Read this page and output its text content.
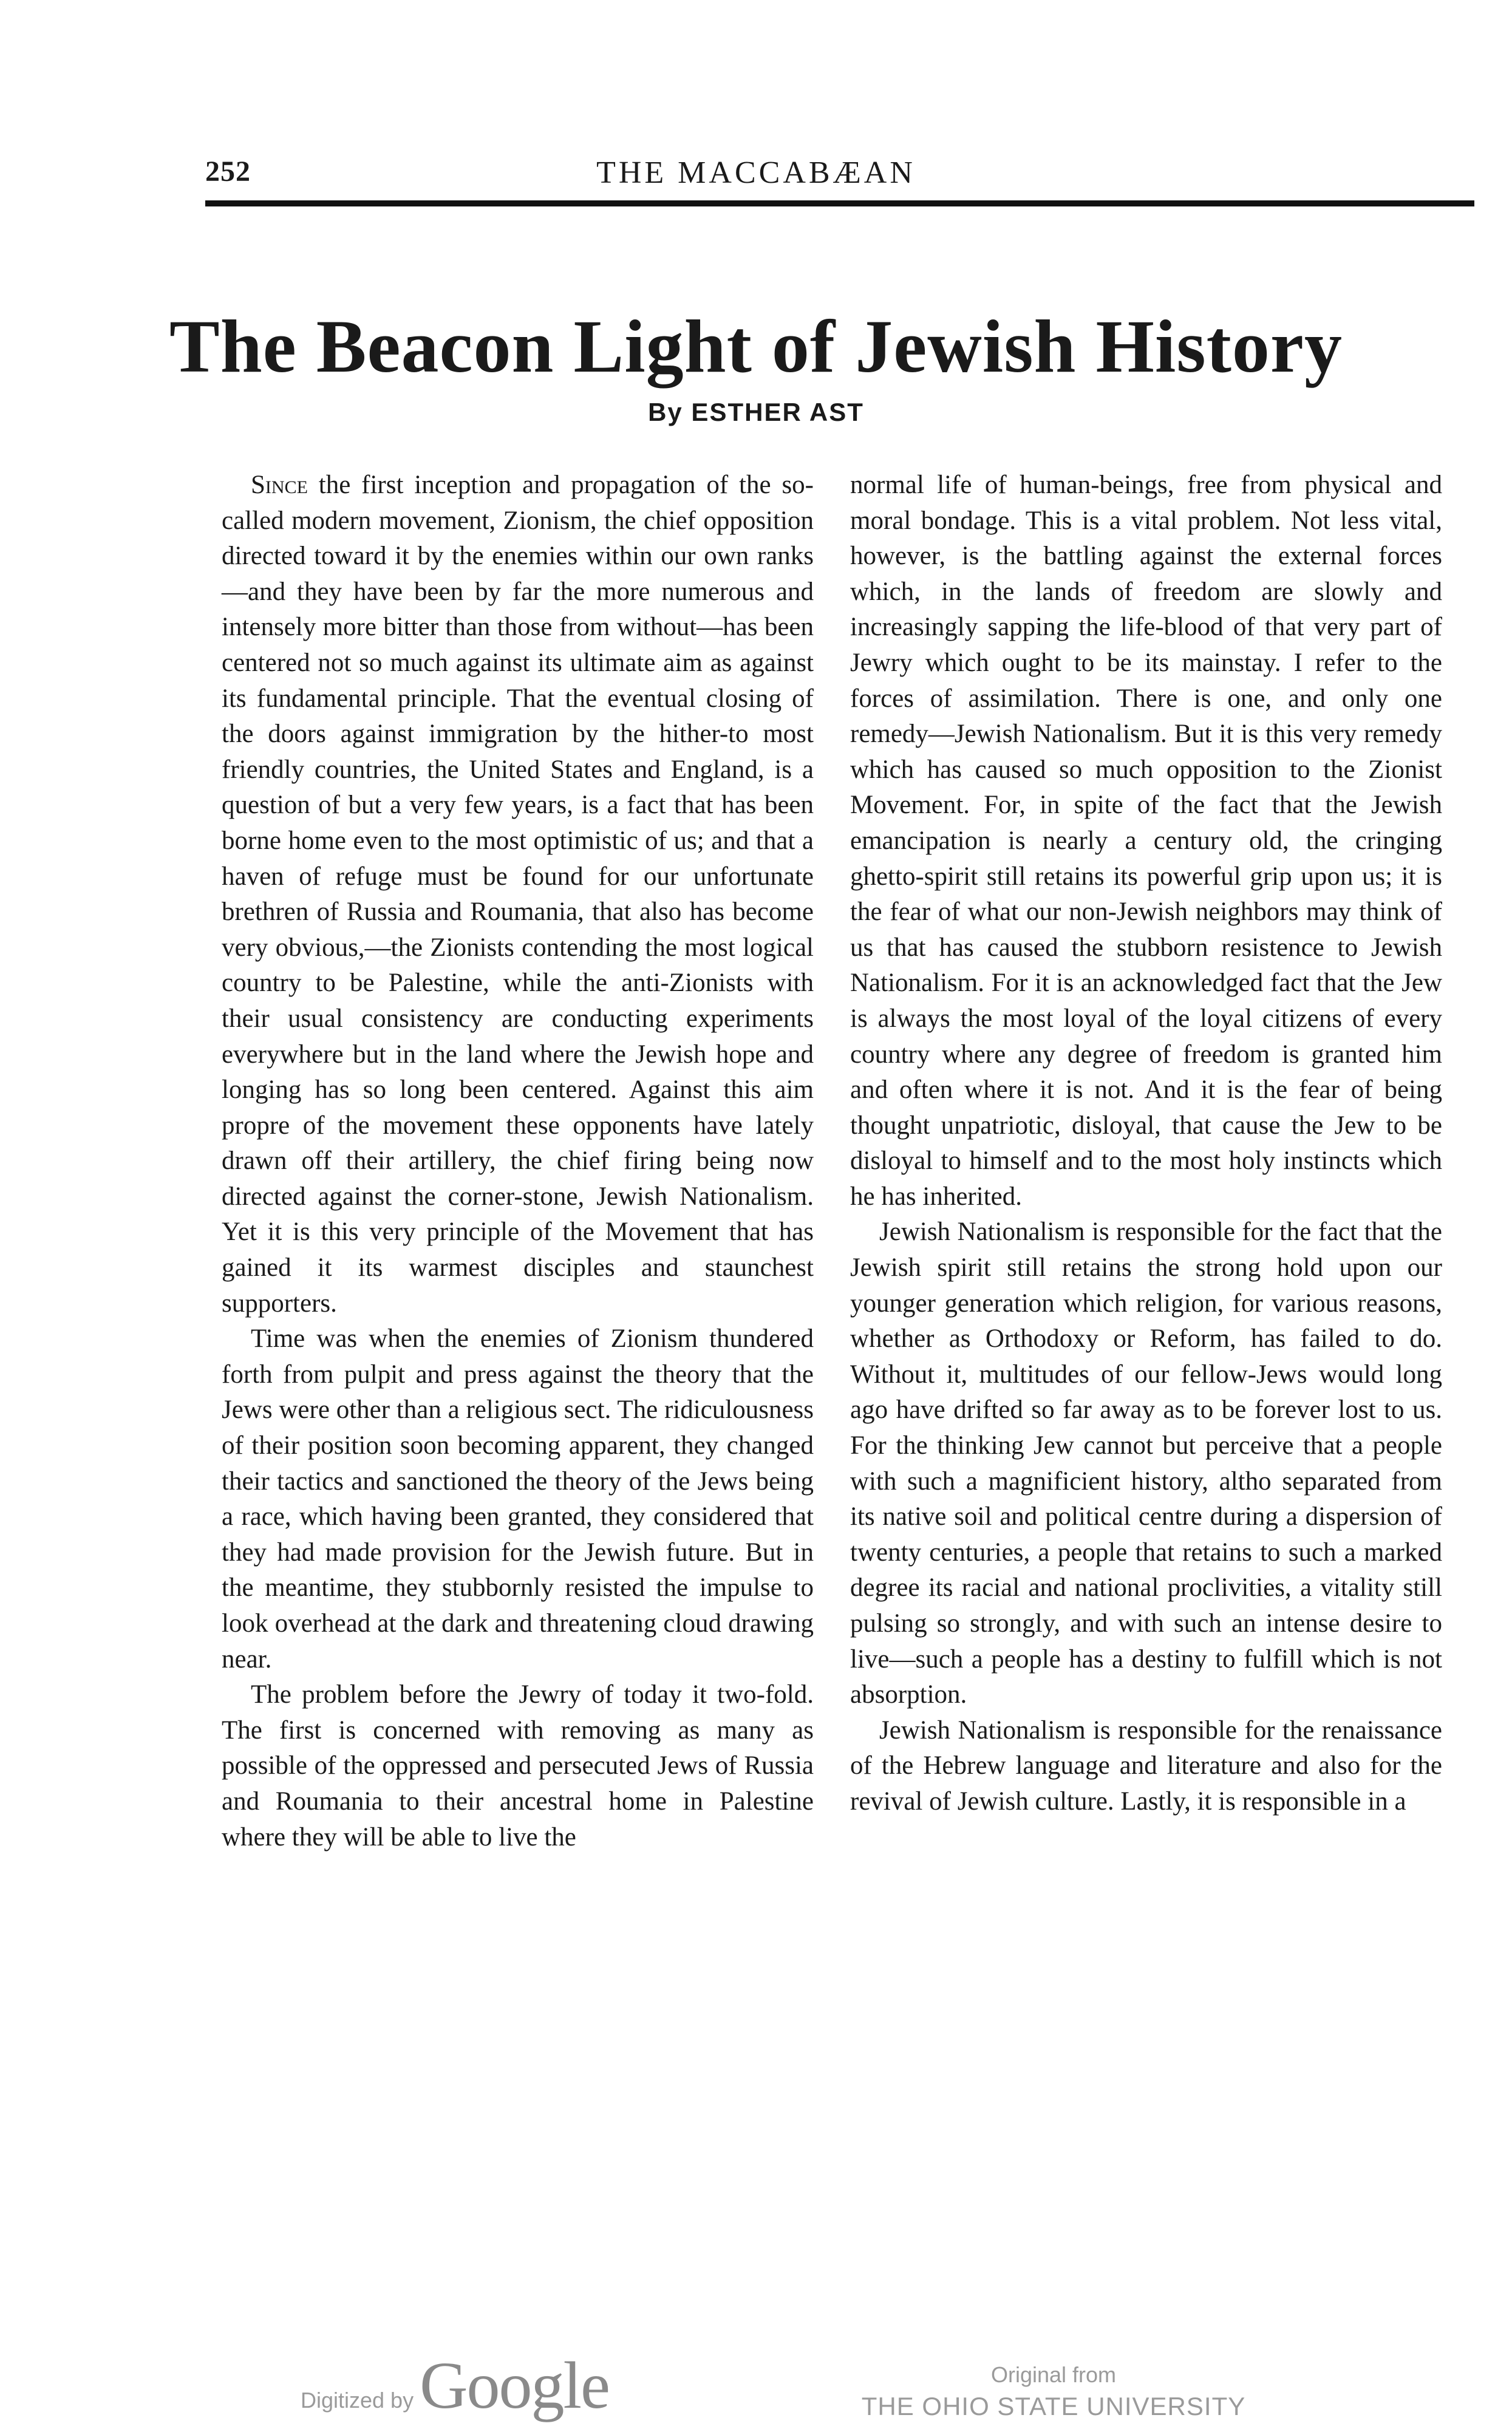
252	THE MACCABÆAN
The Beacon Light of Jewish History
By ESTHER AST

Since the first inception and propagation of the so-called modern movement, Zionism, the chief opposition directed toward it by the enemies within our own ranks—and they have been by far the more numerous and intensely more bitter than those from without—has been centered not so much against its ultimate aim as against its fundamental principle. That the eventual closing of the doors against immigration by the hither-to most friendly countries, the United States and England, is a question of but a very few years, is a fact that has been borne home even to the most optimistic of us; and that a haven of refuge must be found for our unfortunate brethren of Russia and Roumania, that also has become very obvious,—the Zionists contending the most logical country to be Palestine, while the anti-Zionists with their usual consistency are conducting experiments everywhere but in the land where the Jewish hope and longing has so long been centered. Against this aim propre of the movement these opponents have lately drawn off their artillery, the chief firing being now directed against the corner-stone, Jewish Nationalism. Yet it is this very principle of the Movement that has gained it its warmest disciples and staunchest supporters.

Time was when the enemies of Zionism thundered forth from pulpit and press against the theory that the Jews were other than a religious sect. The ridiculousness of their position soon becoming apparent, they changed their tactics and sanctioned the theory of the Jews being a race, which having been granted, they considered that they had made provision for the Jewish future. But in the meantime, they stubbornly resisted the impulse to look overhead at the dark and threatening cloud drawing near.

The problem before the Jewry of today it two-fold. The first is concerned with removing as many as possible of the oppressed and persecuted Jews of Russia and Roumania to their ancestral home in Palestine where they will be able to live the

normal life of human-beings, free from physical and moral bondage. This is a vital problem. Not less vital, however, is the battling against the external forces which, in the lands of freedom are slowly and increasingly sapping the life-blood of that very part of Jewry which ought to be its mainstay. I refer to the forces of assimilation. There is one, and only one remedy—Jewish Nationalism. But it is this very remedy which has caused so much opposition to the Zionist Movement. For, in spite of the fact that the Jewish emancipation is nearly a century old, the cringing ghetto-spirit still retains its powerful grip upon us; it is the fear of what our non-Jewish neighbors may think of us that has caused the stubborn resistence to Jewish Nationalism. For it is an acknowledged fact that the Jew is always the most loyal of the loyal citizens of every country where any degree of freedom is granted him and often where it is not. And it is the fear of being thought unpatriotic, disloyal, that cause the Jew to be disloyal to himself and to the most holy instincts which he has inherited.

Jewish Nationalism is responsible for the fact that the Jewish spirit still retains the strong hold upon our younger generation which religion, for various reasons, whether as Orthodoxy or Reform, has failed to do. Without it, multitudes of our fellow-Jews would long ago have drifted so far away as to be forever lost to us. For the thinking Jew cannot but perceive that a people with such a magnificient history, altho separated from its native soil and political centre during a dispersion of twenty centuries, a people that retains to such a marked degree its racial and national proclivities, a vitality still pulsing so strongly, and with such an intense desire to live—such a people has a destiny to fulfill which is not absorption.

Jewish Nationalism is responsible for the renaissance of the Hebrew language and literature and also for the revival of Jewish culture. Lastly, it is responsible in a

Digitized by Google	Original from
THE OHIO STATE UNIVERSITY
